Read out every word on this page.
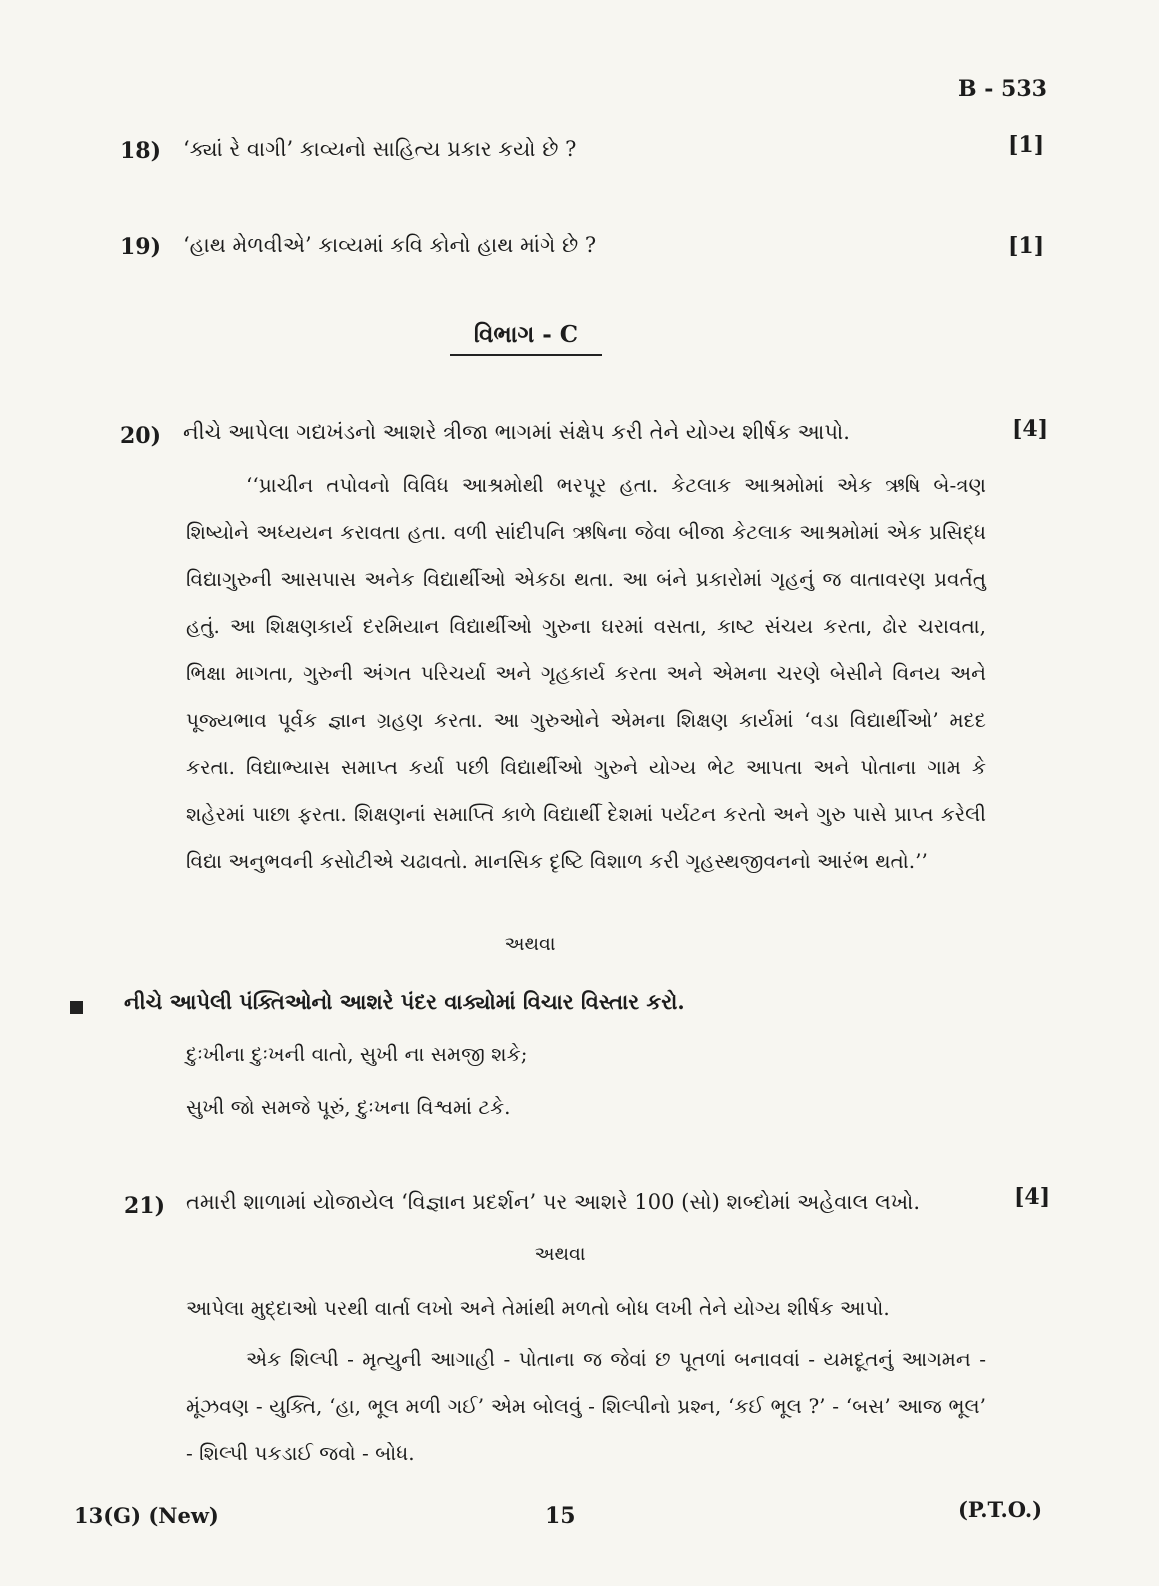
B - 533
18) ‘ક્યાં રે વાગી’ કાવ્યનો સાહિત્ય પ્રકાર કયો છે ?	[1]
19) ‘હાથ મેળવીએ’ કાવ્યમાં કવિ કોનો હાથ માંગે છે ?	[1]
વિભાગ - C
20) નીચે આપેલા ગદ્યખંડનો આશરે ત્રીજા ભાગમાં સંક્ષેપ કરી તેને યોગ્ય શીર્ષક આપો.	[4]
‘‘પ્રાચીન તપોવનો વિવિધ આશ્રમોથી ભરપૂર હતા. કેટલાક આશ્રમોમાં એક ઋષિ બે-ત્રણ શિષ્યોને અધ્યયન કરાવતા હતા. વળી સાંદીપનિ ઋષિના જેવા બીજા કેટલાક આશ્રમોમાં એક પ્રસિદ્ધ વિદ્યાગુરુની આસપાસ અનેક વિદ્યાર્થીઓ એકઠા થતા. આ બંને પ્રકારોમાં ગૃહનું જ વાતાવરણ પ્રવર્તતુ હતું. આ શિક્ષણકાર્ય દરમિયાન વિદ્યાર્થીઓ ગુરુના ઘરમાં વસતા, કાષ્ટ સંચય કરતા, ઢોર ચરાવતા, ભિક્ષા માગતા, ગુરુની અંગત પરિચર્યા અને ગૃહકાર્ય કરતા અને એમના ચરણે બેસીને વિનય અને પૂજ્યભાવ પૂર્વક જ્ઞાન ગ્રહણ કરતા. આ ગુરુઓને એમના શિક્ષણ કાર્યમાં ‘વડા વિદ્યાર્થીઓ’ મદદ કરતા. વિદ્યાભ્યાસ સમાપ્ત કર્યા પછી વિદ્યાર્થીઓ ગુરુને યોગ્ય ભેટ આપતા અને પોતાના ગામ કે શહેરમાં પાછા ફરતા. શિક્ષણનાં સમાપ્તિ કાળે વિદ્યાર્થી દેશમાં પર્યટન કરતો અને ગુરુ પાસે પ્રાપ્ત કરેલી વિદ્યા અનુભવની કસોટીએ ચઢાવતો. માનસિક દૃષ્ટિ વિશાળ કરી ગૃહસ્થજીવનનો આરંભ થતો.’’
અથવા
નીચે આપેલી પંક્તિઓનો આશરે પંદર વાક્યોમાં વિચાર વિસ્તાર કરો.
દુઃખીના દુઃખની વાતો, સુખી ના સમજી શકે;
સુખી જો સમજે પૂરું, દુઃખના વિશ્વમાં ટકે.
21) તમારી શાળામાં યોજાયેલ ‘વિજ્ઞાન પ્રદર્શન’ પર આશરે 100 (સો) શબ્દોમાં અહેવાલ લખો.	[4]
અથવા
આપેલા મુદ્દાઓ પરથી વાર્તા લખો અને તેમાંથી મળતો બોધ લખી તેને યોગ્ય શીર્ષક આપો.
એક શિલ્પી - મૃત્યુની આગાહી - પોતાના જ જેવાં છ પૂતળાં બનાવવાં - યમદૂતનું આગમન - મૂંઝવણ - યુક્તિ, ‘હા, ભૂલ મળી ગઈ’ એમ બોલવું - શિલ્પીનો પ્રશ્ન, ‘કઈ ભૂલ ?’ - ‘બસ’ આજ ભૂલ’ - શિલ્પી પકડાઈ જવો - બોધ.
13(G) (New)	15	(P.T.O.)
